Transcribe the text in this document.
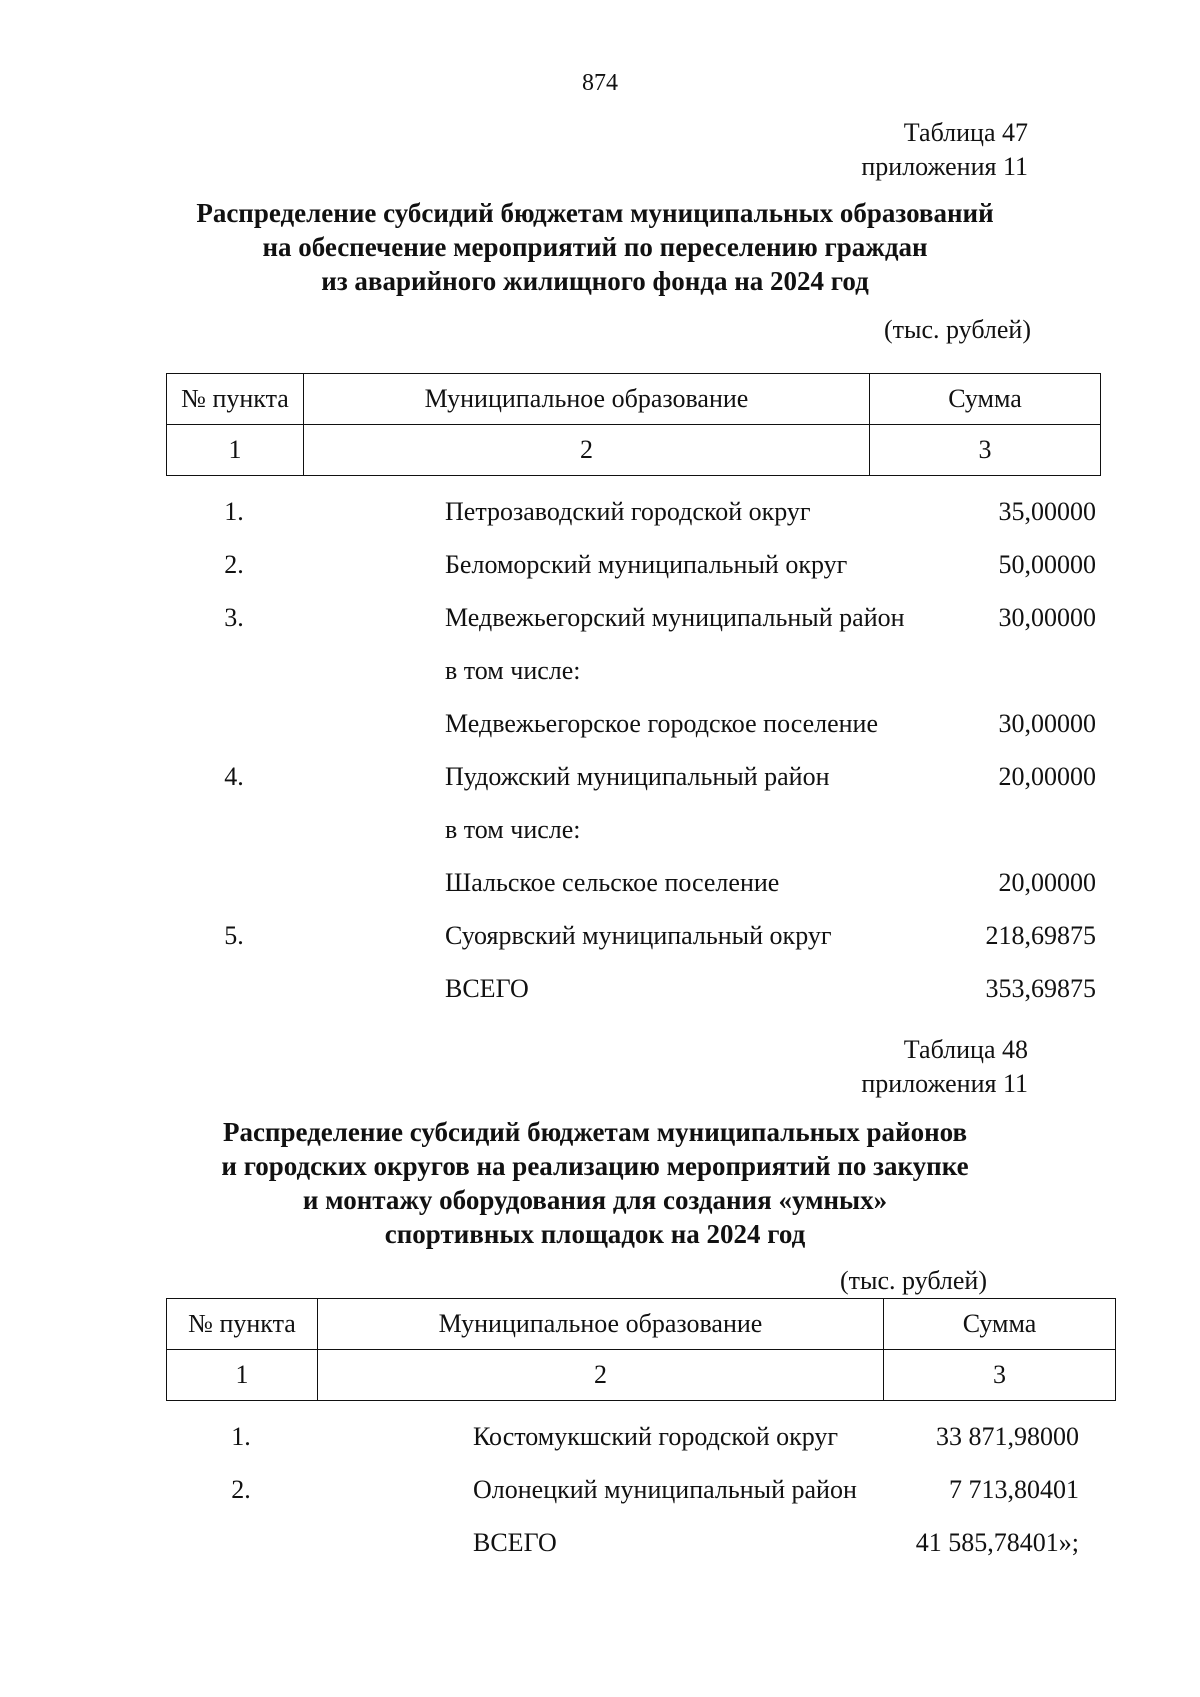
874
Таблица 47
приложения 11
Распределение субсидий бюджетам муниципальных образований
на обеспечение мероприятий по переселению граждан
из аварийного жилищного фонда на 2024 год
(тыс. рублей)
№ пункта	Муниципальное образование	Сумма
1	2	3
1.	Петрозаводский городской округ	35,00000
2.	Беломорский муниципальный округ	50,00000
3.	Медвежьегорский муниципальный район	30,00000
	в том числе:	
	Медвежьегорское городское поселение	30,00000
4.	Пудожский муниципальный район	20,00000
	в том числе:	
	Шальское сельское поселение	20,00000
5.	Суоярвский муниципальный округ	218,69875
	ВСЕГО	353,69875
Таблица 48
приложения 11
Распределение субсидий бюджетам муниципальных районов
и городских округов на реализацию мероприятий по закупке
и монтажу оборудования для создания «умных»
спортивных площадок на 2024 год
(тыс. рублей)
№ пункта	Муниципальное образование	Сумма
1	2	3
1.	Костомукшский городской округ	33 871,98000
2.	Олонецкий муниципальный район	7 713,80401
	ВСЕГО	41 585,78401»;
